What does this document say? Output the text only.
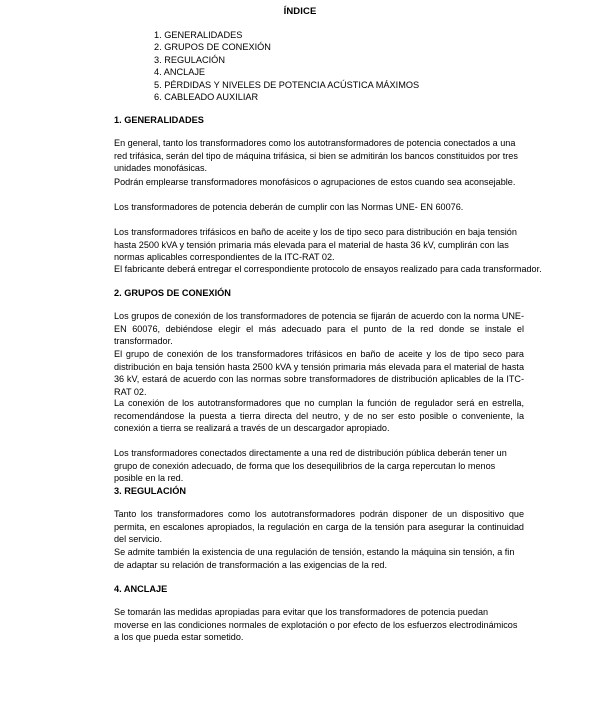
ÍNDICE
1. GENERALIDADES
2. GRUPOS DE CONEXIÓN
3. REGULACIÓN
4. ANCLAJE
5. PÉRDIDAS Y NIVELES DE POTENCIA ACÚSTICA MÁXIMOS
6. CABLEADO AUXILIAR
1. GENERALIDADES

En general, tanto los transformadores como los autotransformadores de potencia conectados a una red trifásica, serán del tipo de máquina trifásica, si bien se admitirán los bancos constituidos por tres unidades monofásicas.

Podrán emplearse transformadores monofásicos o agrupaciones de estos cuando sea aconsejable.

Los transformadores de potencia deberán de cumplir con las Normas UNE- EN 60076.

Los transformadores trifásicos en baño de aceite y los de tipo seco para distribución en baja tensión hasta 2500 kVA y tensión primaria más elevada para el material de hasta 36 kV, cumplirán con las normas aplicables correspondientes de la ITC-RAT 02.

El fabricante deberá entregar el correspondiente protocolo de ensayos realizado para cada transformador.

2. GRUPOS DE CONEXIÓN

Los grupos de conexión de los transformadores de potencia se fijarán de acuerdo con la norma UNE-EN 60076, debiéndose elegir el más adecuado para el punto de la red donde se instale el transformador.

El grupo de conexión de los transformadores trifásicos en baño de aceite y los de tipo seco para distribución en baja tensión hasta 2500 kVA y tensión primaria más elevada para el material de hasta 36 kV, estará de acuerdo con las normas sobre transformadores de distribución aplicables de la ITC-RAT 02.

La conexión de los autotransformadores que no cumplan la función de regulador será en estrella, recomendándose la puesta a tierra directa del neutro, y de no ser esto posible o conveniente, la conexión a tierra se realizará a través de un descargador apropiado.

Los transformadores conectados directamente a una red de distribución pública deberán tener un grupo de conexión adecuado, de forma que los desequilibrios de la carga repercutan lo menos posible en la red.

3. REGULACIÓN

Tanto los transformadores como los autotransformadores podrán disponer de un dispositivo que permita, en escalones apropiados, la regulación en carga de la tensión para asegurar la continuidad del servicio.

Se admite también la existencia de una regulación de tensión, estando la máquina sin tensión, a fin de adaptar su relación de transformación a las exigencias de la red.

4. ANCLAJE

Se tomarán las medidas apropiadas para evitar que los transformadores de potencia puedan moverse en las condiciones normales de explotación o por efecto de los esfuerzos electrodinámicos a los que pueda estar sometido.
